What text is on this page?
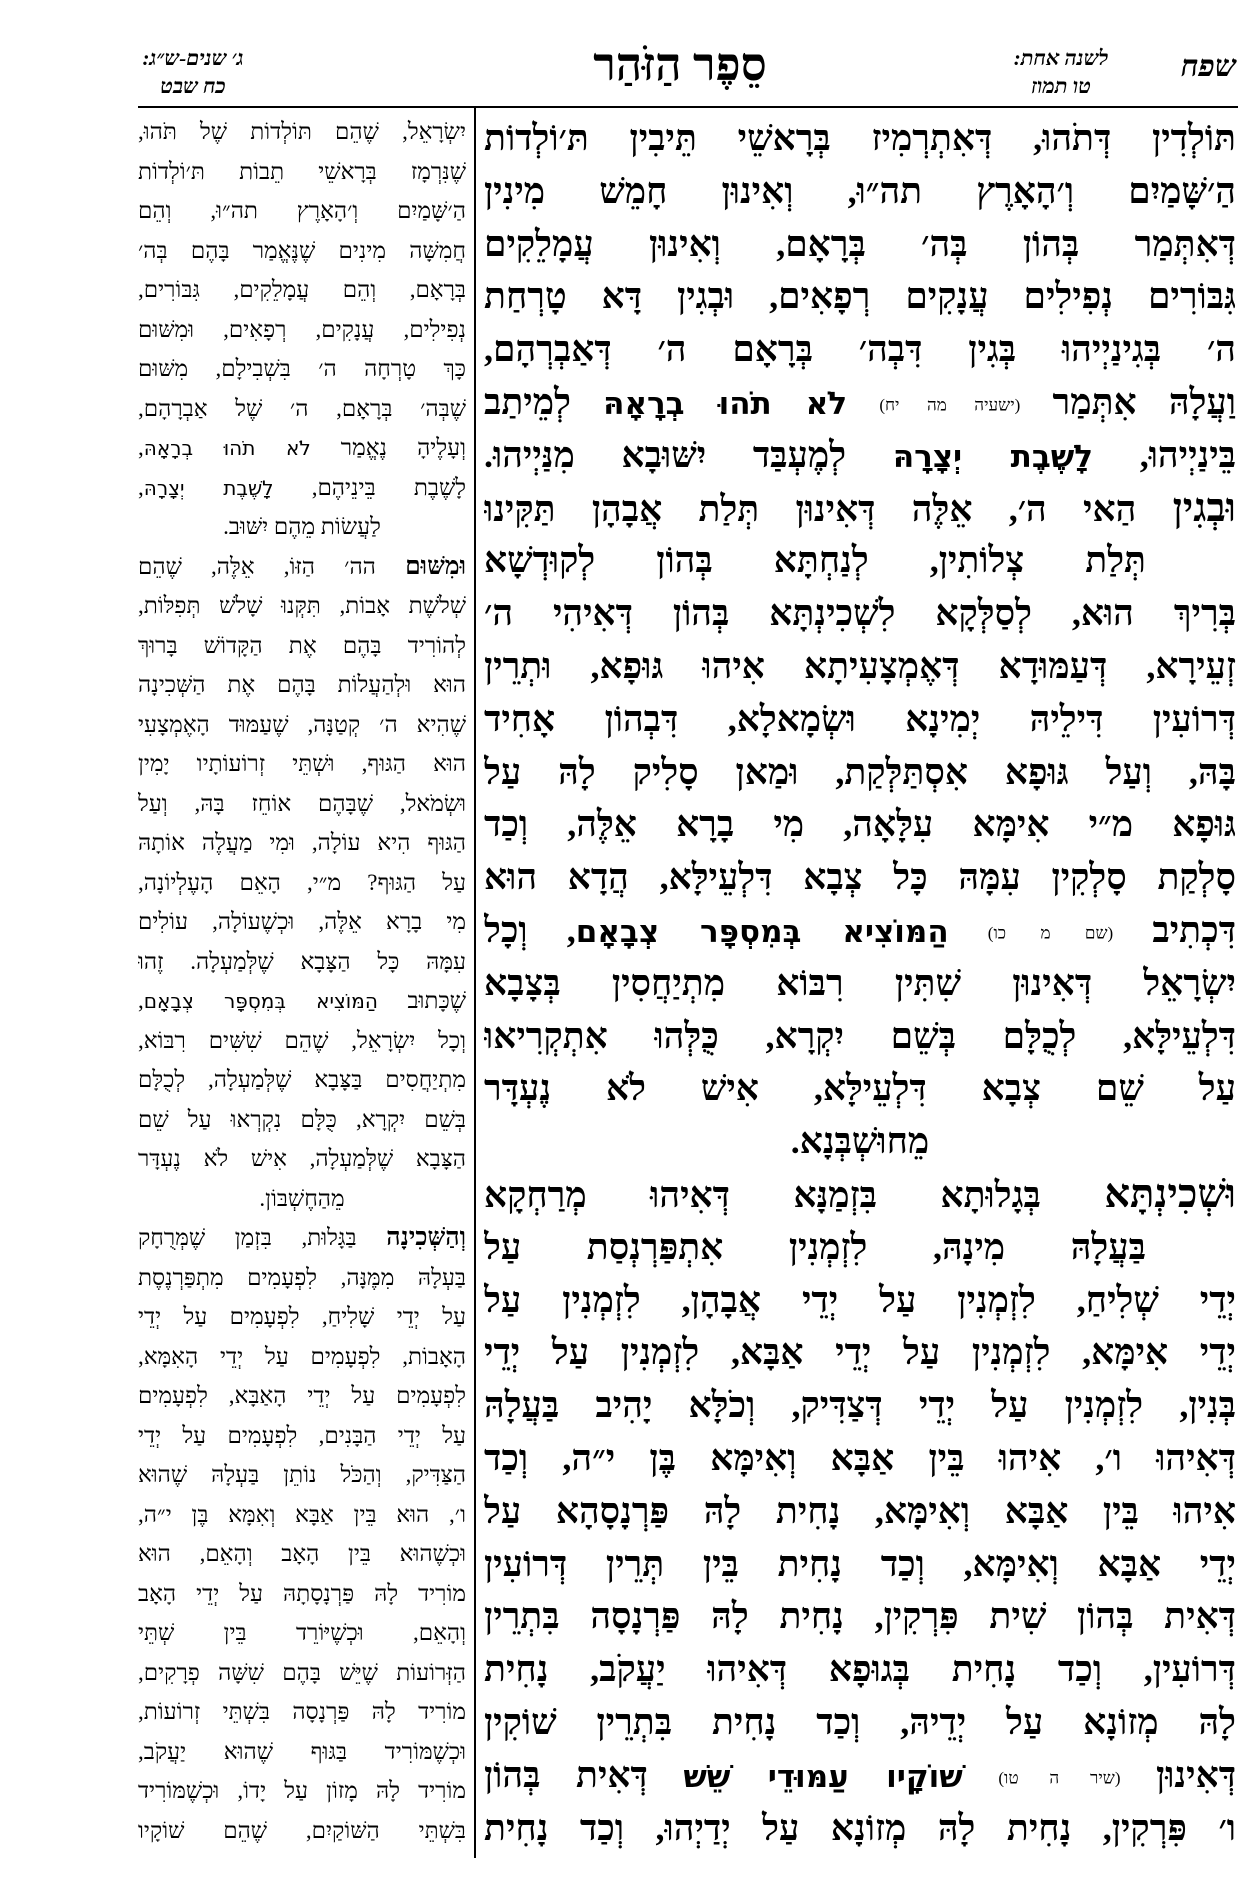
שפח
לשנה אחת:
טו תמוז
סֵפֶר הַזֹּהַר
ג׳ שנים-ש״ג:
כח שבט
תּוֹלְדִין דְּתֹהוּ, דְּאִתְרְמִיז בְּרָאשֵׁי תֵּיבִין תּ׳וֹלְדוֹת
הַ׳שָּׁמַיִם וְ׳הָאָרֶץ תה״וּ, וְאִינוּן חָמֵשׁ מִינִין
דְּאִתְּמַר בְּהוֹן בְּה׳ בְּרָאָם, וְאִינוּן עֲמָלֵקִים
גִּבּוֹרִים נְפִילִים עֲנָקִים רְפָאִים, וּבְגִין דָּא טָרְחַת
ה׳ בְּגִינַיְיהוּ בְּגִין דִּבְה׳ בְּרָאָם ה׳ דְּאַבְרְהָם,
וַעֲלָהּ אִתְּמַר (ישעיה מה יח) לֹא תֹהוּ בְרָאָהּ לְמֵיתַב
בֵּינַיְיהוּ, לָשֶׁבֶת יְצָרָהּ לְמֶעְבַּד יִשּׁוּבָא מִנַּיְיהוּ.
וּבְגִין הַאי ה׳, אֵלֶּה דְּאִינוּן תְּלַת אֲבָהָן תַּקִּינוּ
תְּלַת צְלוֹתִין, לְנַחְתָּא בְּהוֹן לְקוּדְשָׁא
בְּרִיךְ הוּא, לְסַלְּקָא לִשְׁכִינְתָּא בְּהוֹן דְּאִיהִי ה׳
זְעֵירָא, דְּעַמּוּדָא דְּאֶמְצָעִיתָא אִיהוּ גּוּפָא, וּתְרֵין
דְּרוֹעִין דִּילֵיהּ יְמִינָא וּשְׂמָאלָא, דִּבְהוֹן אָחִיד
בָּהּ, וְעַל גּוּפָא אִסְתַּלְּקַת, וּמַאן סָלִיק לָהּ עַל
גּוּפָא מ״י אִימָּא עִלָּאָה, מִי בָרָא אֵלֶּה, וְכַד
סָלְקַת סָלְקִין עִמָּהּ כָּל צְבָא דִּלְעֵילָּא, הֲדָא הוּא
דִּכְתִיב (שם מ כו) הַמּוֹצִיא בְּמִסְפָּר צְבָאָם, וְכָל
יִשְׂרָאֵל דְּאִינוּן שִׁתִּין רִבּוֹא מִתְיַחֲסִין בְּצָבָא
דִּלְעֵילָּא, לְכֻלָּם בְּשֵׁם יִקְרָא, כֻּלְּהוּ אִתְקְרִיאוּ
עַל שֵׁם צְבָא דִּלְעֵילָּא, אִישׁ לֹא נֶעְדָּר
מֵחוּשְׁבְּנָא.
וּשְׁכִינְתָּא בְּגָלוּתָא בִּזְמַנָּא דְּאִיהוּ מְרַחְקָא
בַּעֲלָהּ מִינָהּ, לִזְמְנִין אִתְפַּרְנְסַת עַל
יְדֵי שְׁלִיחַ, לִזְמְנִין עַל יְדֵי אֲבָהָן, לִזְמְנִין עַל
יְדֵי אִימָּא, לִזְמְנִין עַל יְדֵי אַבָּא, לִזְמְנִין עַל יְדֵי
בְּנִין, לִזְמְנִין עַל יְדֵי דְּצַדִּיק, וְכֹלָּא יָהִיב בַּעֲלָהּ
דְּאִיהוּ ו׳, אִיהוּ בֵּין אַבָּא וְאִימָּא בֶּן י״ה, וְכַד
אִיהוּ בֵּין אַבָּא וְאִימָּא, נָחִית לָהּ פַּרְנָסָהָא עַל
יְדֵי אַבָּא וְאִימָּא, וְכַד נָחִית בֵּין תְּרֵין דְּרוֹעִין
דְּאִית בְּהוֹן שִׁית פִּרְקִין, נָחִית לָהּ פַּרְנָסָה בִּתְרֵין
דְּרוֹעִין, וְכַד נָחִית בְּגוּפָא דְּאִיהוּ יַעֲקֹב, נָחִית
לָהּ מְזוֹנָא עַל יְדֵיהּ, וְכַד נָחִית בִּתְרֵין שׁוֹקִין
דְּאִינוּן (שיר ה טו) שׁוֹקָיו עַמּוּדֵי שֵׁשׁ דְּאִית בְּהוֹן
ו׳ פִּרְקִין, נָחִית לָהּ מְזוֹנָא עַל יְדַיְהוּ, וְכַד נָחִית
יִשְׂרָאֵל, שֶׁהֵם תּוֹלְדוֹת שֶׁל תֹּהוּ,
שֶׁנִּרְמָז בְּרָאשֵׁי תֵבוֹת תּ׳וֹלְדוֹת
הַ׳שָּׁמַיִם וְ׳הָאָרֶץ תה״וּ, וְהֵם
חֲמִשָּׁה מִינִים שֶׁנֶּאֱמַר בָּהֶם בְּה׳
בְּרָאָם, וְהֵם עֲמָלֵקִים, גִּבּוֹרִים,
נְפִילִים, עֲנָקִים, רְפָאִים, וּמִשּׁוּם
כָּךְ טָרְחָה ה׳ בִּשְׁבִילָם, מִשּׁוּם
שֶׁבְּה׳ בְּרָאָם, ה׳ שֶׁל אַבְרָהָם,
וְעָלֶיהָ נֶאֱמַר לֹא תֹהוּ בְרָאָהּ,
לָשֶׁבֶת בֵּינֵיהֶם, לָשֶׁבֶת יְצָרָהּ,
לַעֲשׂוֹת מֵהֶם יִשּׁוּב.
וּמִשּׁוּם הה׳ הַזּוֹ, אֵלֶּה, שֶׁהֵם
שְׁלֹשֶׁת אָבוֹת, תִּקְּנוּ שָׁלֹשׁ תְּפִלּוֹת,
לְהוֹרִיד בָּהֶם אֶת הַקָּדוֹשׁ בָּרוּךְ
הוּא וּלְהַעֲלוֹת בָּהֶם אֶת הַשְּׁכִינָה
שֶׁהִיא ה׳ קְטַנָּה, שֶׁעַמּוּד הָאֶמְצָעִי
הוּא הַגּוּף, וּשְׁתֵּי זְרוֹעוֹתָיו יָמִין
וּשְׂמֹאל, שֶׁבָּהֶם אוֹחֵז בָּהּ, וְעַל
הַגּוּף הִיא עוֹלָה, וּמִי מַעֲלֶה אוֹתָהּ
עַל הַגּוּף? מ״י, הָאֵם הָעֶלְיוֹנָה,
מִי בָרָא אֵלֶּה, וּכְשֶׁעוֹלָה, עוֹלִים
עִמָּהּ כָּל הַצָּבָא שֶׁלְּמַעְלָה. זֶהוּ
שֶׁכָּתוּב הַמּוֹצִיא בְּמִסְפָּר צְבָאָם,
וְכָל יִשְׂרָאֵל, שֶׁהֵם שִׁשִּׁים רִבּוֹא,
מִתְיַחֲסִים בַּצָּבָא שֶׁלְּמַעְלָה, לְכֻלָּם
בְּשֵׁם יִקְרָא, כֻּלָּם נִקְרְאוּ עַל שֵׁם
הַצָּבָא שֶׁלְּמַעְלָה, אִישׁ לֹא נֶעְדָּר
מֵהַחֶשְׁבּוֹן.
וְהַשְּׁכִינָה בַּגָּלוּת, בִּזְמַן שֶׁמְּרֻחָק
בַּעְלָהּ מִמֶּנָּה, לִפְעָמִים מִתְפַּרְנֶסֶת
עַל יְדֵי שָׁלִיחַ, לִפְעָמִים עַל יְדֵי
הָאָבוֹת, לִפְעָמִים עַל יְדֵי הָאִמָּא,
לִפְעָמִים עַל יְדֵי הָאַבָּא, לִפְעָמִים
עַל יְדֵי הַבָּנִים, לִפְעָמִים עַל יְדֵי
הַצַּדִּיק, וְהַכֹּל נוֹתֵן בַּעְלָהּ שֶׁהוּא
ו׳, הוּא בֵּין אַבָּא וְאִמָּא בֶּן י״ה,
וּכְשֶׁהוּא בֵּין הָאָב וְהָאֵם, הוּא
מוֹרִיד לָהּ פַּרְנָסָתָהּ עַל יְדֵי הָאָב
וְהָאֵם, וּכְשֶׁיּוֹרֵד בֵּין שְׁתֵּי
הַזְּרוֹעוֹת שֶׁיֵּשׁ בָּהֶם שִׁשָּׁה פְרָקִים,
מוֹרִיד לָהּ פַּרְנָסָה בִּשְׁתֵּי זְרוֹעוֹת,
וּכְשֶׁמּוֹרִיד בַּגּוּף שֶׁהוּא יַעֲקֹב,
מוֹרִיד לָהּ מָזוֹן עַל יָדוֹ, וּכְשֶׁמּוֹרִיד
בִּשְׁתֵּי הַשּׁוֹקַיִם, שֶׁהֵם שׁוֹקָיו
